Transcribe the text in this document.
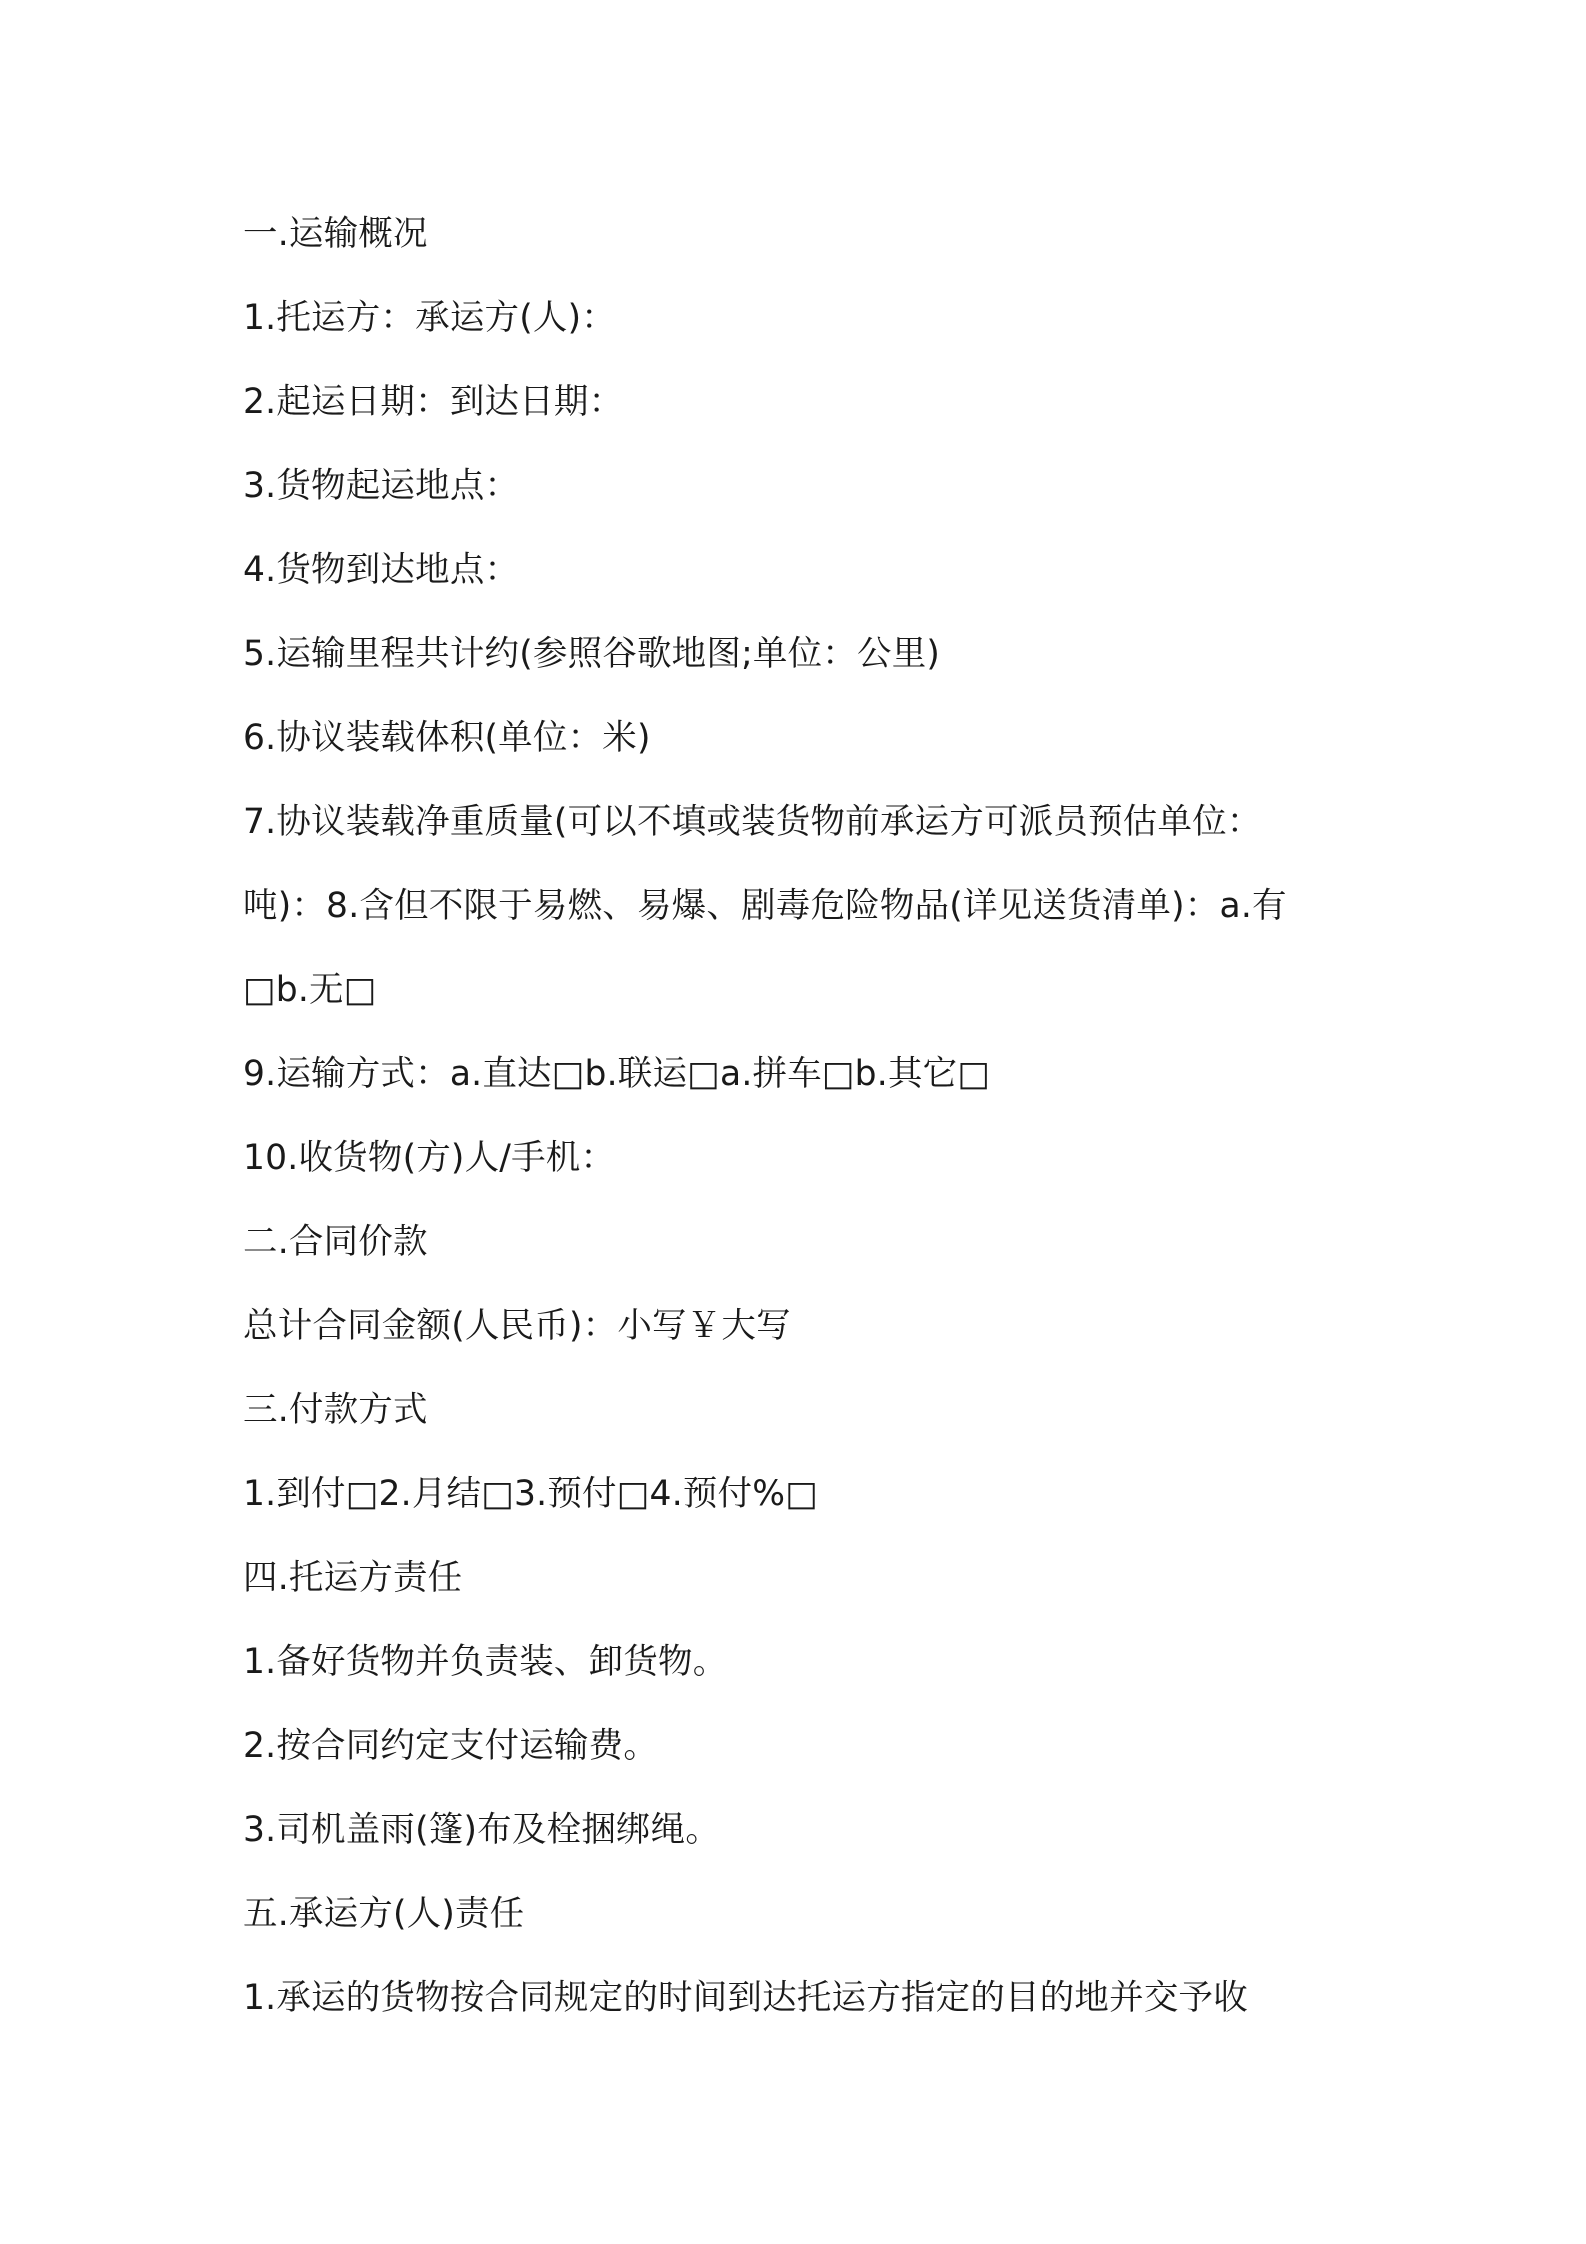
一.运输概况
1.托运方：承运方(人)：
2.起运日期：到达日期：
3.货物起运地点：
4.货物到达地点：
5.运输里程共计约(参照谷歌地图;单位：公里)
6.协议装载体积(单位：米)
7.协议装载净重质量(可以不填或装货物前承运方可派员预估单位：
吨)：8.含但不限于易燃、易爆、剧毒危险物品(详见送货清单)：a.有
□b.无□
9.运输方式：a.直达□b.联运□a.拼车□b.其它□
10.收货物(方)人/手机：
二.合同价款
总计合同金额(人民币)：小写￥大写
三.付款方式
1.到付□2.月结□3.预付□4.预付%□
四.托运方责任
1.备好货物并负责装、卸货物。
2.按合同约定支付运输费。
3.司机盖雨(篷)布及栓捆绑绳。
五.承运方(人)责任
1.承运的货物按合同规定的时间到达托运方指定的目的地并交予收
